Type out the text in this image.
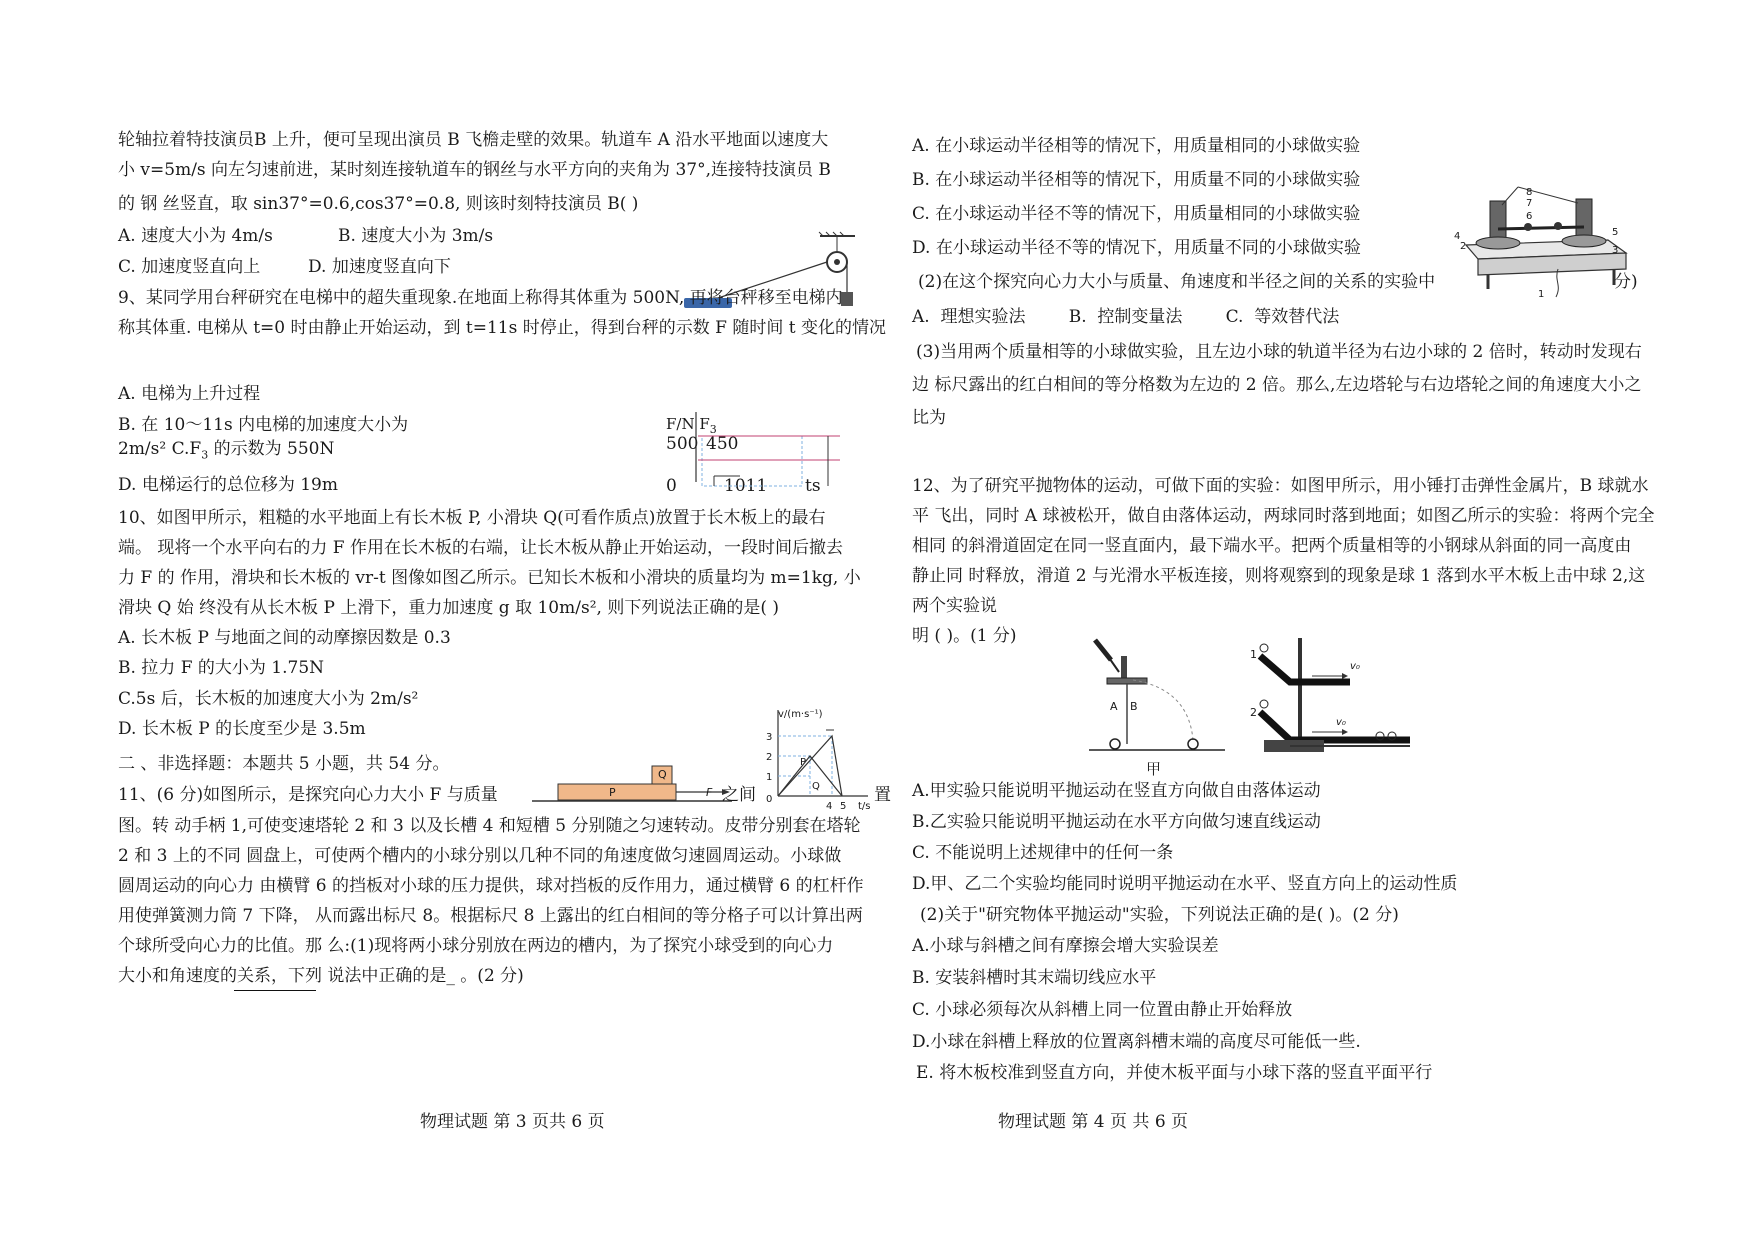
轮轴拉着特技演员B 上升，便可呈现出演员 B 飞檐走壁的效果。轨道车 A 沿水平地面以速度大
小 v=5m/s 向左匀速前进，某时刻连接轨道车的钢丝与水平方向的夹角为 37°,连接特技演员 B
的 钢 丝竖直，取 sin37°=0.6,cos37°=0.8, 则该时刻特技演员 B( )
A. 速度大小为 4m/s	B. 速度大小为 3m/s
C. 加速度竖直向上	D. 加速度竖直向下
9、某同学用台秤研究在电梯中的超失重现象.在地面上称得其体重为 500N, 再将台秤移至电梯内
称其体重. 电梯从 t=0 时由静止开始运动，到 t=11s 时停止，得到台秤的示数 F 随时间 t 变化的情况
A. 电梯为上升过程
B. 在 10～11s 内电梯的加速度大小为
2m/s² $C.F_3$ 的示数为 550N
D. 电梯运行的总位移为 19m
F/N $F_3$
500 450
0	1011 ts
10、如图甲所示，粗糙的水平地面上有长木板 P, 小滑块 Q(可看作质点)放置于长木板上的最右
端。 现将一个水平向右的力 F 作用在长木板的右端，让长木板从静止开始运动，一段时间后撤去
力 F 的 作用，滑块和长木板的 vr-t 图像如图乙所示。已知长木板和小滑块的质量均为 m=1kg, 小
滑块 Q 始 终没有从长木板 P 上滑下，重力加速度 g 取 10m/s², 则下列说法正确的是( )
A. 长木板 P 与地面之间的动摩擦因数是 0.3
B. 拉力 F 的大小为 1.75N
C.5s 后，长木板的加速度大小为 2m/s²
D. 长木板 P 的长度至少是 3.5m
二 、非选择题：本题共 5 小题，共 54 分。
P
Q
F
v/(m·s⁻¹)
3
2
1
0
4 5 t/s
P
Q
11、(6 分)如图所示，是探究向心力大小 F 与质量	之间	置
图。转 动手柄 1,可使变速塔轮 2 和 3 以及长槽 4 和短槽 5 分别随之匀速转动。皮带分别套在塔轮
2 和 3 上的不同 圆盘上，可使两个槽内的小球分别以几种不同的角速度做匀速圆周运动。小球做
圆周运动的向心力 由横臂 6 的挡板对小球的压力提供，球对挡板的反作用力，通过横臂 6 的杠杆作
用使弹簧测力筒 7 下降， 从而露出标尺 8。根据标尺 8 上露出的红白相间的等分格子可以计算出两
个球所受向心力的比值。那 么:(1)现将两小球分别放在两边的槽内，为了探究小球受到的向心力
大小和角速度的关系，下列 说法中正确的是_ 。(2 分)
物理试题 第 3 页共 6 页
A. 在小球运动半径相等的情况下，用质量相同的小球做实验
B. 在小球运动半径相等的情况下，用质量不同的小球做实验
C. 在小球运动半径不等的情况下，用质量相同的小球做实验
D. 在小球运动半径不等的情况下，用质量不同的小球做实验
8
7
6
5
4
3
2
1
(2)在这个探究向心力大小与质量、角速度和半径之间的关系的实验中	分)
A.  理想实验法        B.  控制变量法        C.  等效替代法
(3)当用两个质量相等的小球做实验，且左边小球的轨道半径为右边小球的 2 倍时，转动时发现右
边 标尺露出的红白相间的等分格数为左边的 2 倍。那么,左边塔轮与右边塔轮之间的角速度大小之
比为
12、为了研究平抛物体的运动，可做下面的实验：如图甲所示，用小锤打击弹性金属片，B 球就水
平 飞出，同时 A 球被松开，做自由落体运动，两球同时落到地面；如图乙所示的实验：将两个完全
相同 的斜滑道固定在同一竖直面内，最下端水平。把两个质量相等的小钢球从斜面的同一高度由
静止同 时释放，滑道 2 与光滑水平板连接，则将观察到的现象是球 1 落到水平木板上击中球 2,这
两个实验说
明 ( )。(1 分)
A B
甲
1
2
v₀
v₀
A.甲实验只能说明平抛运动在竖直方向做自由落体运动
B.乙实验只能说明平抛运动在水平方向做匀速直线运动
C. 不能说明上述规律中的任何一条
D.甲、乙二个实验均能同时说明平抛运动在水平、竖直方向上的运动性质
(2)关于"研究物体平抛运动"实验，下列说法正确的是( )。(2 分)
A.小球与斜槽之间有摩擦会增大实验误差
B. 安装斜槽时其末端切线应水平
C. 小球必须每次从斜槽上同一位置由静止开始释放
D.小球在斜槽上释放的位置离斜槽末端的高度尽可能低一些.
E. 将木板校准到竖直方向，并使木板平面与小球下落的竖直平面平行
物理试题 第 4 页 共 6 页
